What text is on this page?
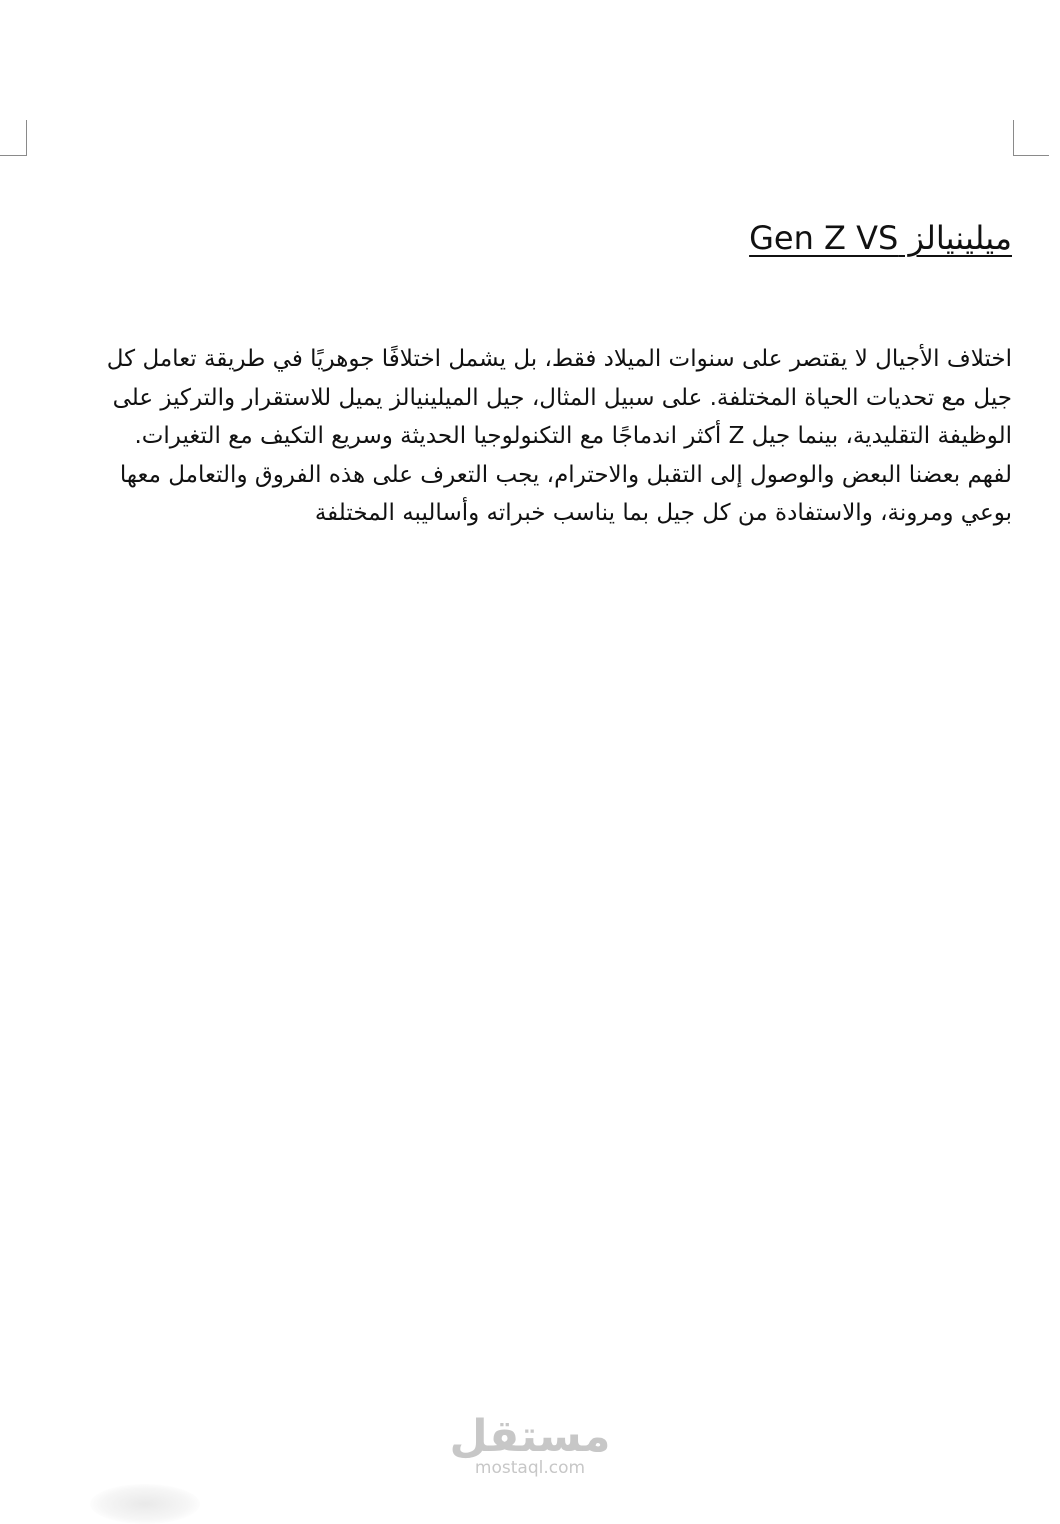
ميلينيالز Gen Z VS

اختلاف الأجيال لا يقتصر على سنوات الميلاد فقط، بل يشمل اختلافًا جوهريًا في طريقة تعامل كل
جيل مع تحديات الحياة المختلفة. على سبيل المثال، جيل الميلينيالز يميل للاستقرار والتركيز على
الوظيفة التقليدية، بينما جيل Z أكثر اندماجًا مع التكنولوجيا الحديثة وسريع التكيف مع التغيرات.
لفهم بعضنا البعض والوصول إلى التقبل والاحترام، يجب التعرف على هذه الفروق والتعامل معها
بوعي ومرونة، والاستفادة من كل جيل بما يناسب خبراته وأساليبه المختلفة

مستقل
mostaql.com
